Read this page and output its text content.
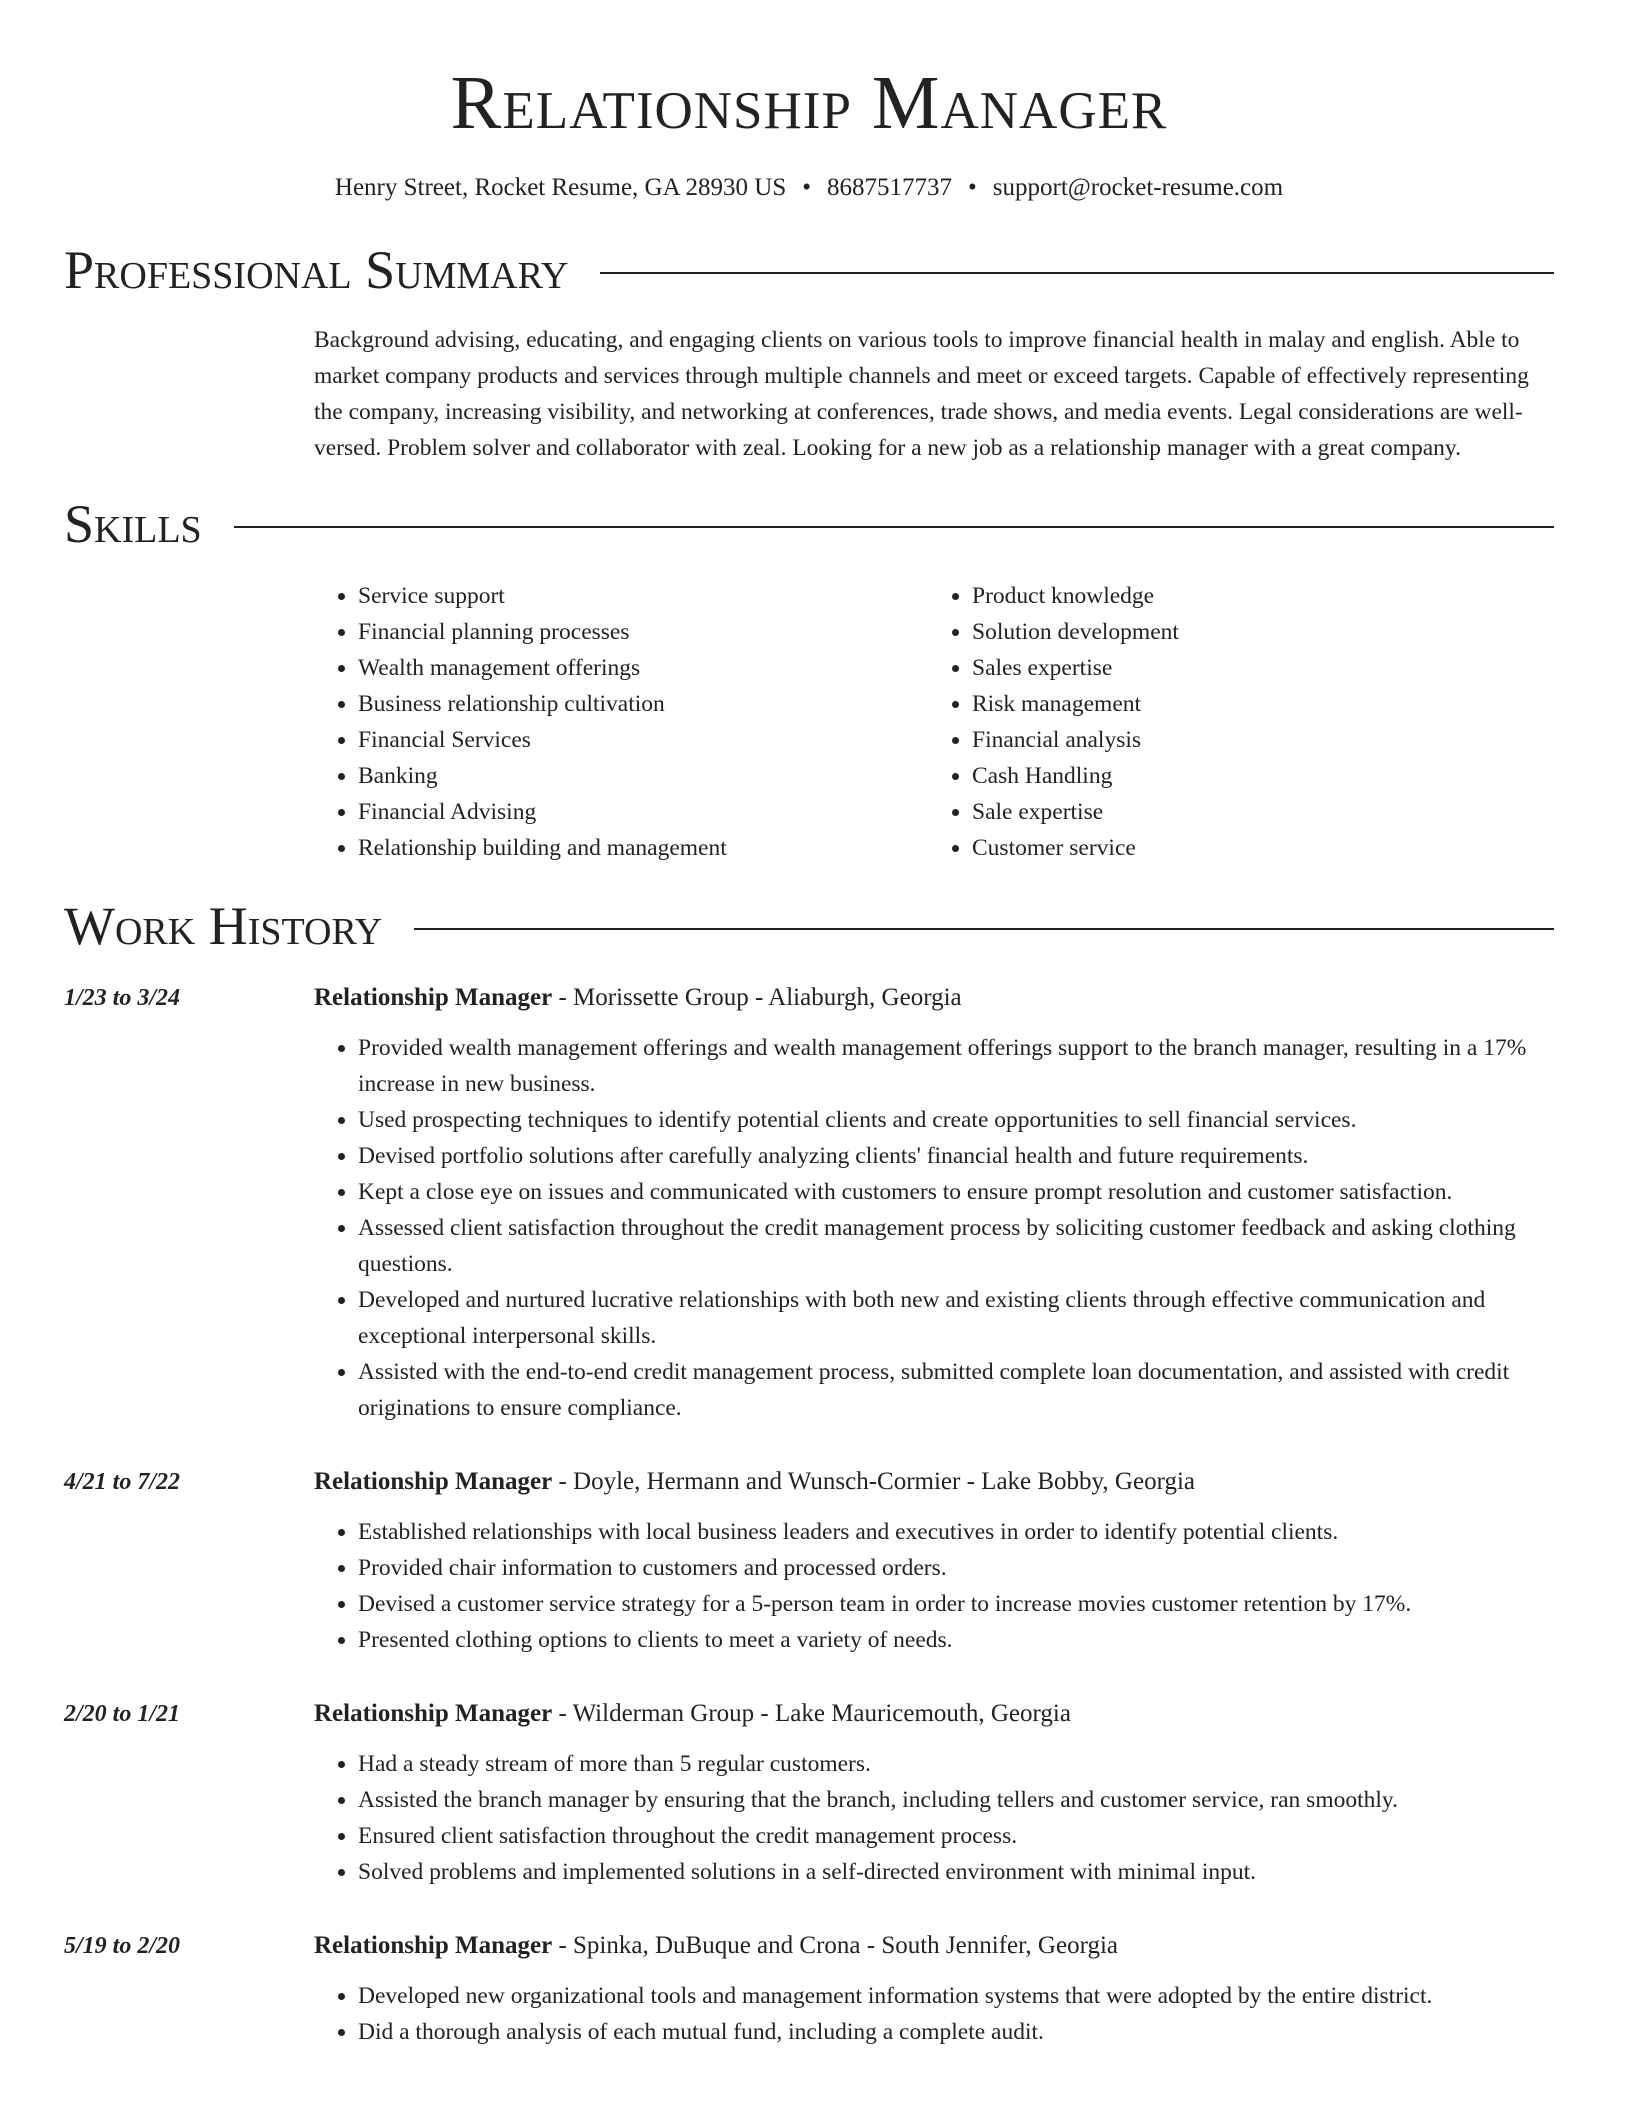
Relationship Manager
Henry Street, Rocket Resume, GA 28930 US • 8687517737 • support@rocket-resume.com
Professional Summary
Background advising, educating, and engaging clients on various tools to improve financial health in malay and english. Able to market company products and services through multiple channels and meet or exceed targets. Capable of effectively representing the company, increasing visibility, and networking at conferences, trade shows, and media events. Legal considerations are well-versed. Problem solver and collaborator with zeal. Looking for a new job as a relationship manager with a great company.
Skills
• Service support
• Financial planning processes
• Wealth management offerings
• Business relationship cultivation
• Financial Services
• Banking
• Financial Advising
• Relationship building and management
• Product knowledge
• Solution development
• Sales expertise
• Risk management
• Financial analysis
• Cash Handling
• Sale expertise
• Customer service
Work History
1/23 to 3/24	Relationship Manager - Morissette Group - Aliaburgh, Georgia
• Provided wealth management offerings and wealth management offerings support to the branch manager, resulting in a 17% increase in new business.
• Used prospecting techniques to identify potential clients and create opportunities to sell financial services.
• Devised portfolio solutions after carefully analyzing clients' financial health and future requirements.
• Kept a close eye on issues and communicated with customers to ensure prompt resolution and customer satisfaction.
• Assessed client satisfaction throughout the credit management process by soliciting customer feedback and asking clothing questions.
• Developed and nurtured lucrative relationships with both new and existing clients through effective communication and exceptional interpersonal skills.
• Assisted with the end-to-end credit management process, submitted complete loan documentation, and assisted with credit originations to ensure compliance.
4/21 to 7/22	Relationship Manager - Doyle, Hermann and Wunsch-Cormier - Lake Bobby, Georgia
• Established relationships with local business leaders and executives in order to identify potential clients.
• Provided chair information to customers and processed orders.
• Devised a customer service strategy for a 5-person team in order to increase movies customer retention by 17%.
• Presented clothing options to clients to meet a variety of needs.
2/20 to 1/21	Relationship Manager - Wilderman Group - Lake Mauricemouth, Georgia
• Had a steady stream of more than 5 regular customers.
• Assisted the branch manager by ensuring that the branch, including tellers and customer service, ran smoothly.
• Ensured client satisfaction throughout the credit management process.
• Solved problems and implemented solutions in a self-directed environment with minimal input.
5/19 to 2/20	Relationship Manager - Spinka, DuBuque and Crona - South Jennifer, Georgia
• Developed new organizational tools and management information systems that were adopted by the entire district.
• Did a thorough analysis of each mutual fund, including a complete audit.
